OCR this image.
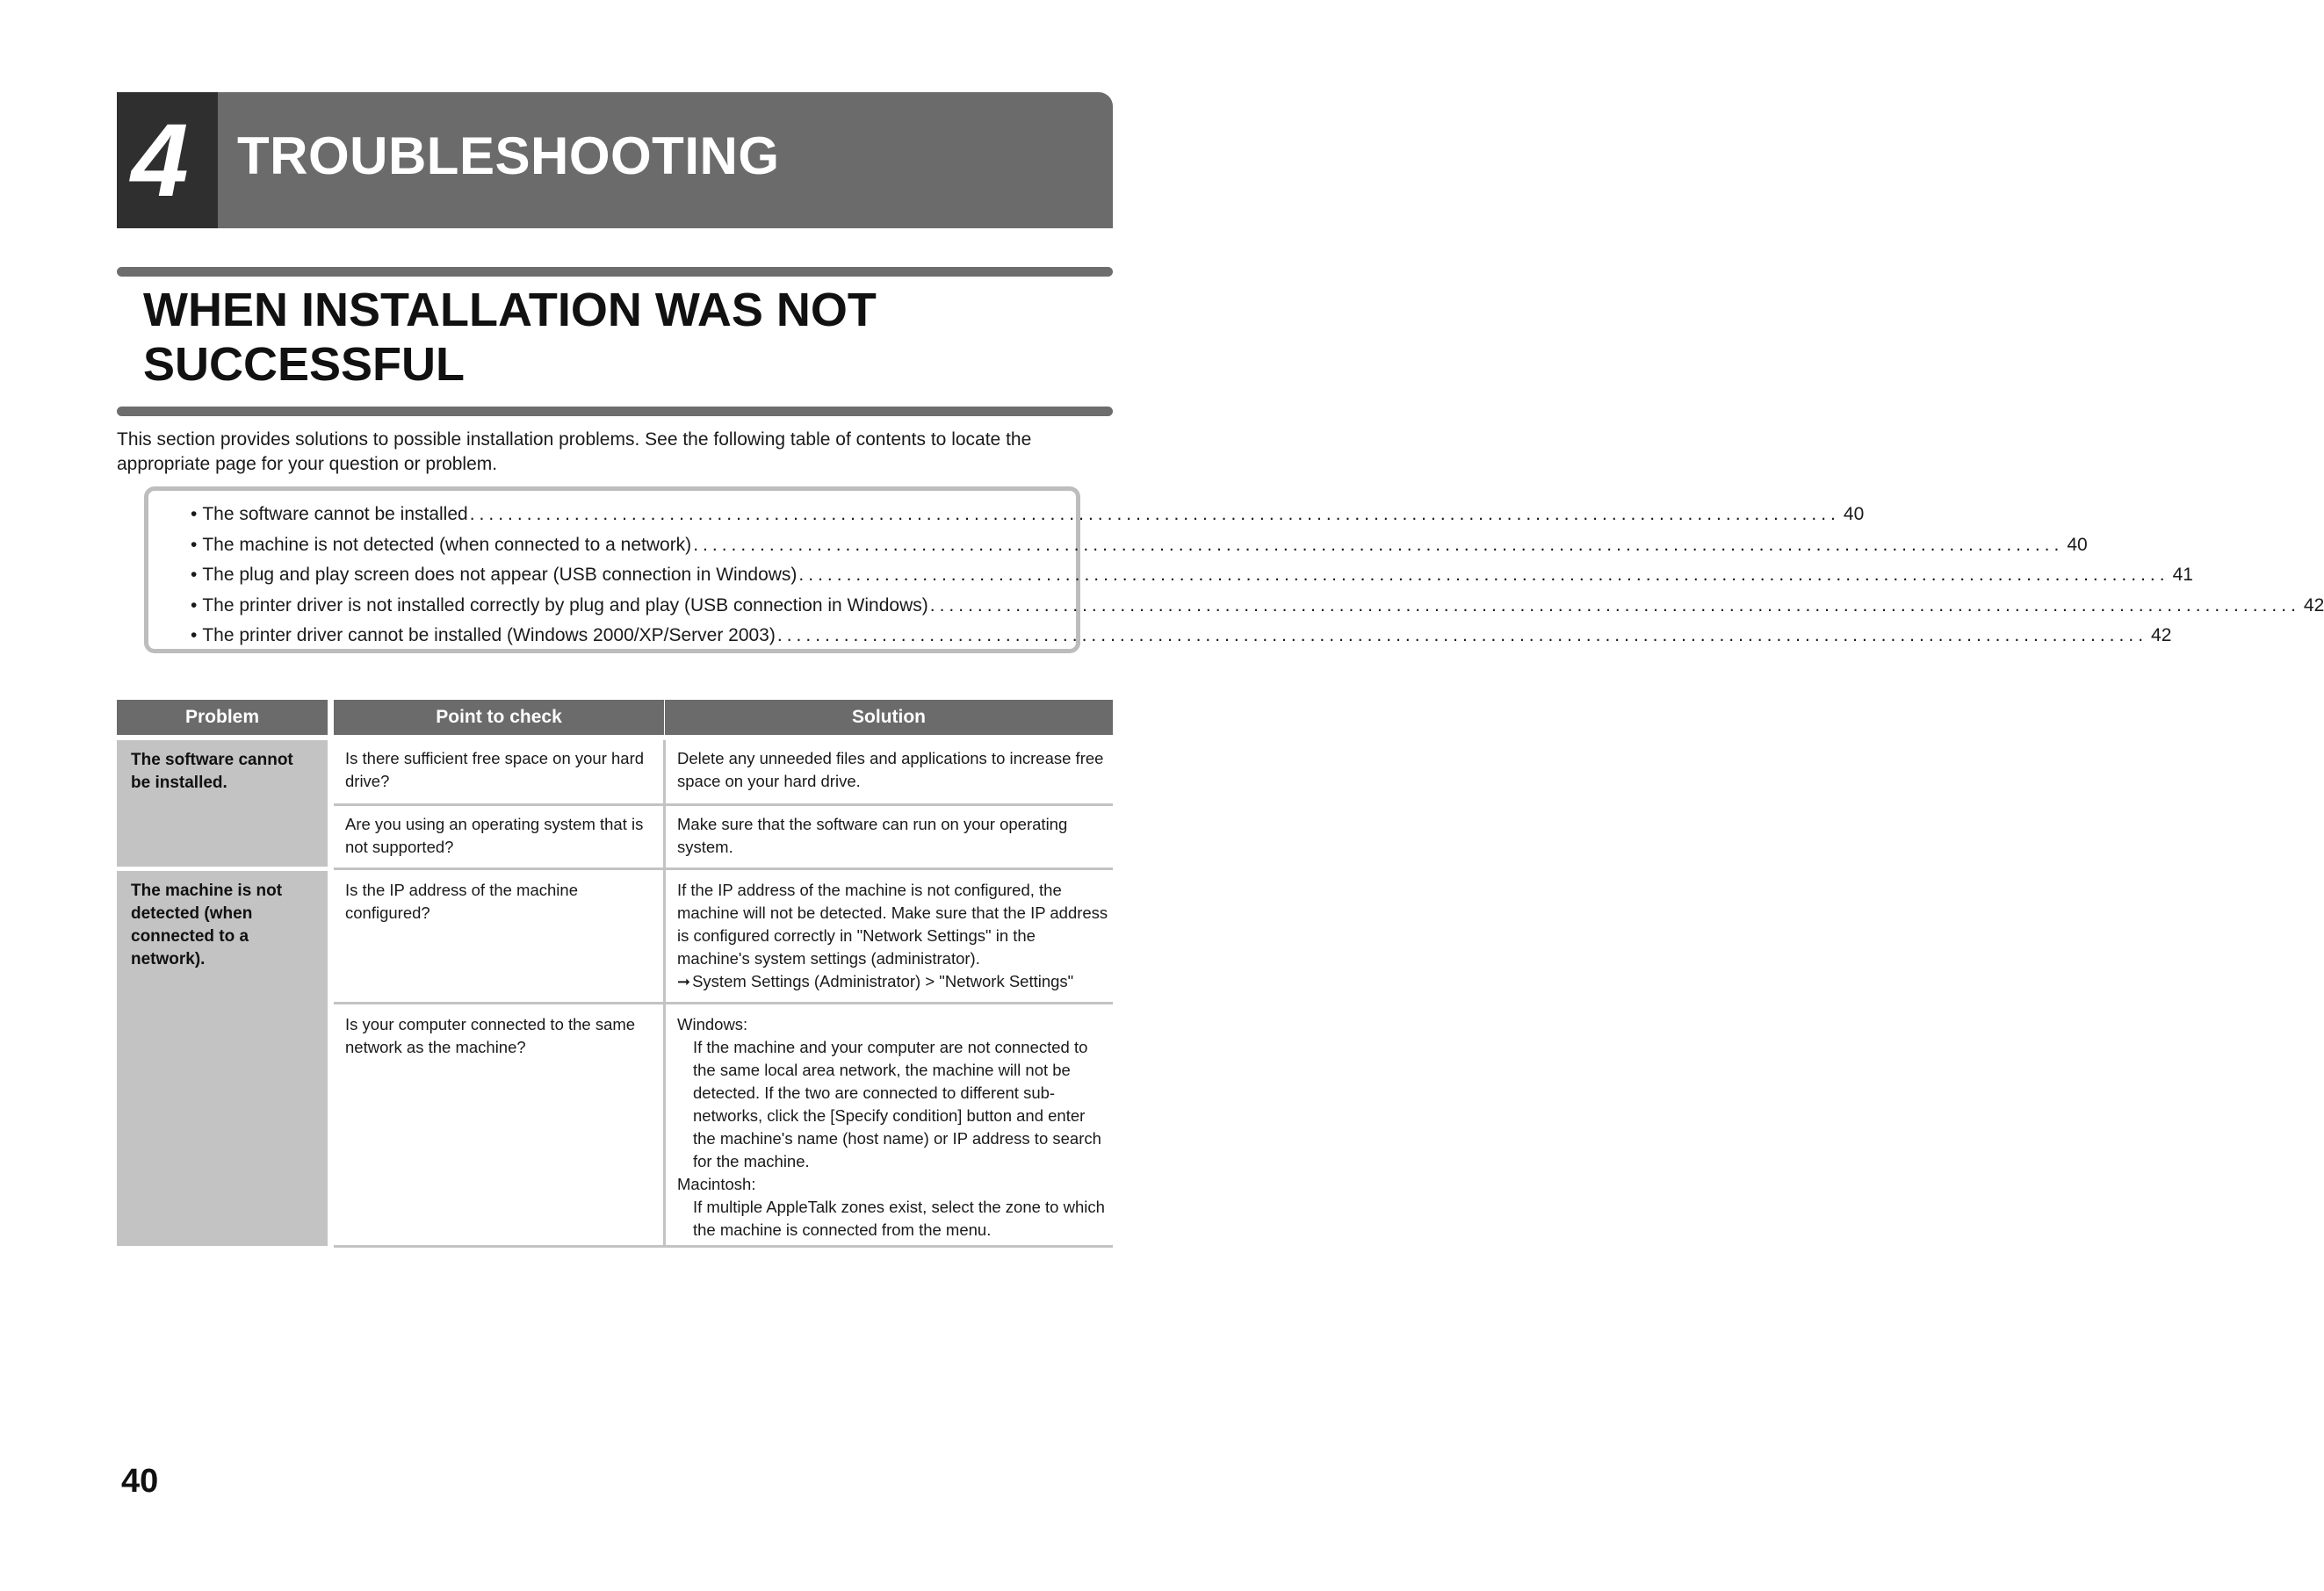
4 TROUBLESHOOTING
WHEN INSTALLATION WAS NOT
SUCCESSFUL

This section provides solutions to possible installation problems. See the following table of contents to locate the appropriate page for your question or problem.

• The software cannot be installed ................................................................................................................................................ 40
• The machine is not detected (when connected to a network) ................................................................................................................................................ 40
• The plug and play screen does not appear (USB connection in Windows) ................................................................................................................................................ 41
• The printer driver is not installed correctly by plug and play (USB connection in Windows) ................................................................................................................................................ 42
• The printer driver cannot be installed (Windows 2000/XP/Server 2003) ................................................................................................................................................ 42
Problem	Point to check	Solution
The software cannot be installed.
The machine is not detected (when connected to a network).
Is there sufficient free space on your hard drive?
Delete any unneeded files and applications to increase free space on your hard drive.
Are you using an operating system that is not supported?
Make sure that the software can run on your operating system.
Is the IP address of the machine configured?
If the IP address of the machine is not configured, the machine will not be detected. Make sure that the IP address is configured correctly in "Network Settings" in the machine's system settings (administrator).
➞ System Settings (Administrator) > "Network Settings"
Is your computer connected to the same network as the machine?
Windows:
If the machine and your computer are not connected to the same local area network, the machine will not be detected. If the two are connected to different sub-networks, click the [Specify condition] button and enter the machine's name (host name) or IP address to search for the machine.
Macintosh:
If multiple AppleTalk zones exist, select the zone to which the machine is connected from the menu.
40
